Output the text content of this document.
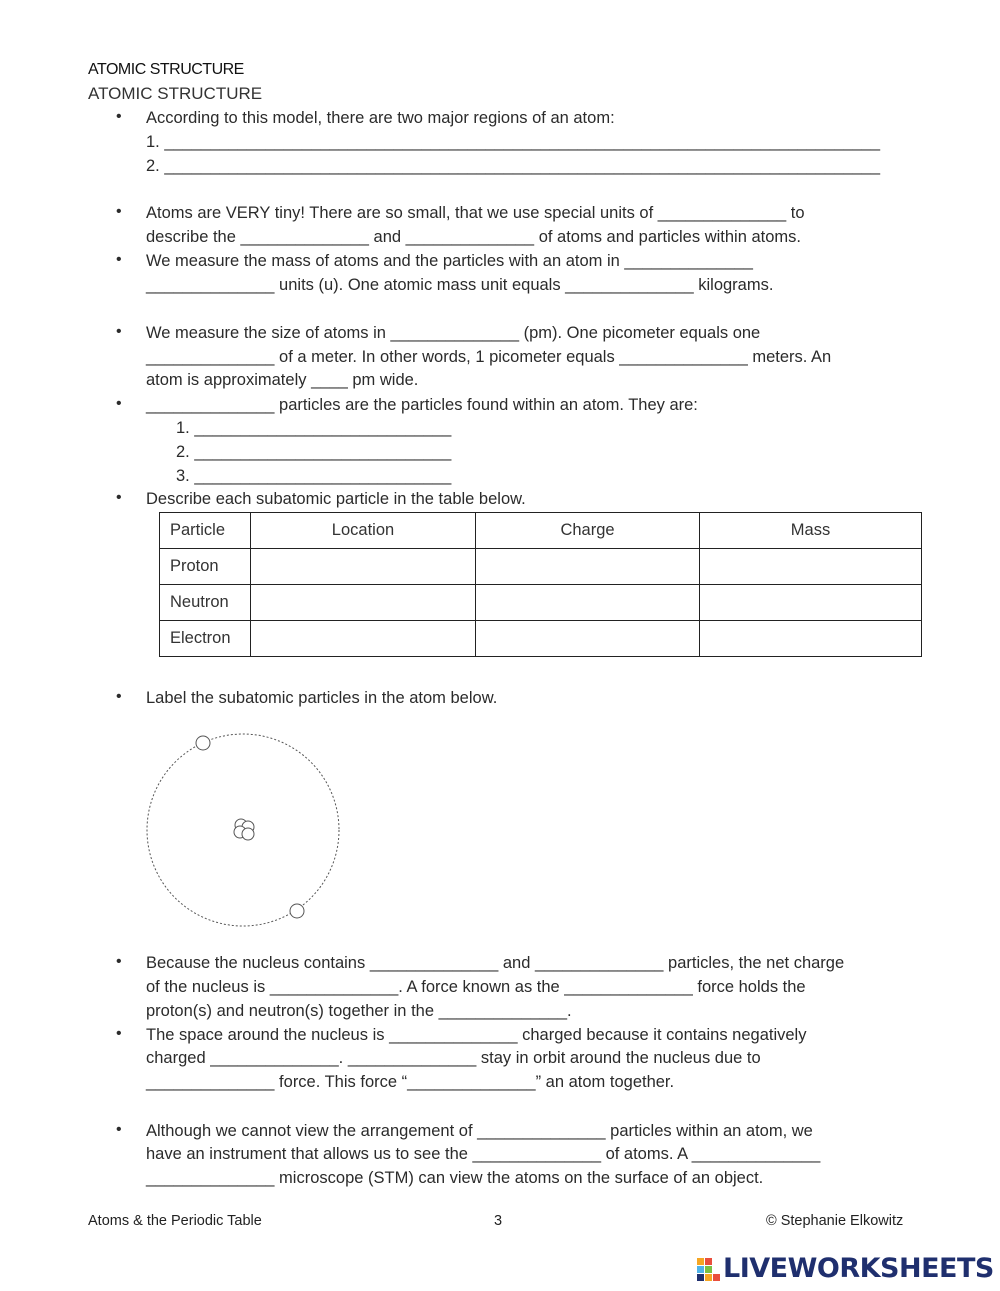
ATOMIC STRUCTURE
ATOMIC STRUCTURE
• According to this model, there are two major regions of an atom:
1. ______________________________________________________________________________
2. ______________________________________________________________________________
• Atoms are VERY tiny! There are so small, that we use special units of ______________ to
describe the ______________ and ______________ of atoms and particles within atoms.
• We measure the mass of atoms and the particles with an atom in ______________
______________ units (u). One atomic mass unit equals ______________ kilograms.
• We measure the size of atoms in ______________ (pm). One picometer equals one
______________ of a meter. In other words, 1 picometer equals ______________ meters. An
atom is approximately ____ pm wide.
• ______________ particles are the particles found within an atom. They are:
1. ____________________________
2. ____________________________
3. ____________________________
• Describe each subatomic particle in the table below.
Particle	Location	Charge	Mass
Proton			
Neutron			
Electron			
• Label the subatomic particles in the atom below.
• Because the nucleus contains ______________ and ______________ particles, the net charge
of the nucleus is ______________. A force known as the ______________ force holds the
proton(s) and neutron(s) together in the ______________.
• The space around the nucleus is ______________ charged because it contains negatively
charged ______________. ______________ stay in orbit around the nucleus due to
______________ force. This force “______________” an atom together.
• Although we cannot view the arrangement of ______________ particles within an atom, we
have an instrument that allows us to see the ______________ of atoms. A ______________
______________ microscope (STM) can view the atoms on the surface of an object.
Atoms & the Periodic Table	3	© Stephanie Elkowitz
LIVEWORKSHEETS
